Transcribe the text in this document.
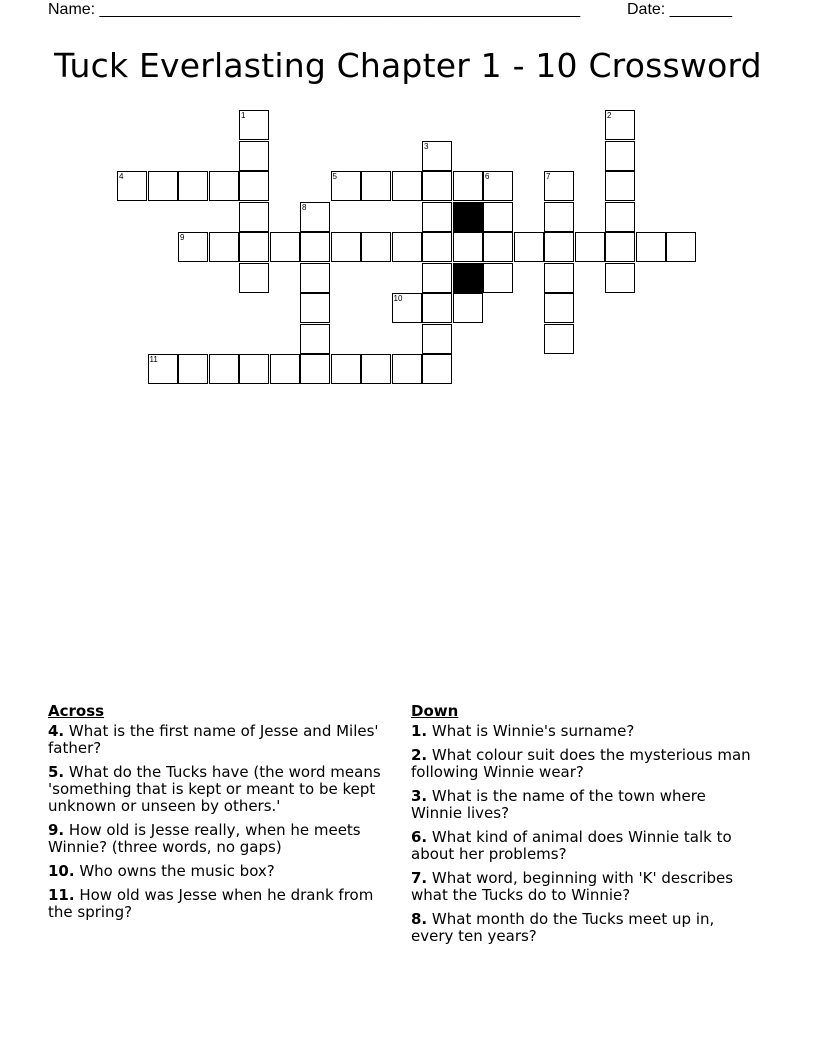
Name: ______________________________________________________	Date: _______
Tuck Everlasting Chapter 1 - 10 Crossword
1	2
3
4	5	6	7
8
9
10
11
Across
4. What is the first name of Jesse and Miles' father?
5. What do the Tucks have (the word means 'something that is kept or meant to be kept unknown or unseen by others.'
9. How old is Jesse really, when he meets Winnie? (three words, no gaps)
10. Who owns the music box?
11. How old was Jesse when he drank from the spring?
Down
1. What is Winnie's surname?
2. What colour suit does the mysterious man following Winnie wear?
3. What is the name of the town where Winnie lives?
6. What kind of animal does Winnie talk to about her problems?
7. What word, beginning with 'K' describes what the Tucks do to Winnie?
8. What month do the Tucks meet up in, every ten years?
